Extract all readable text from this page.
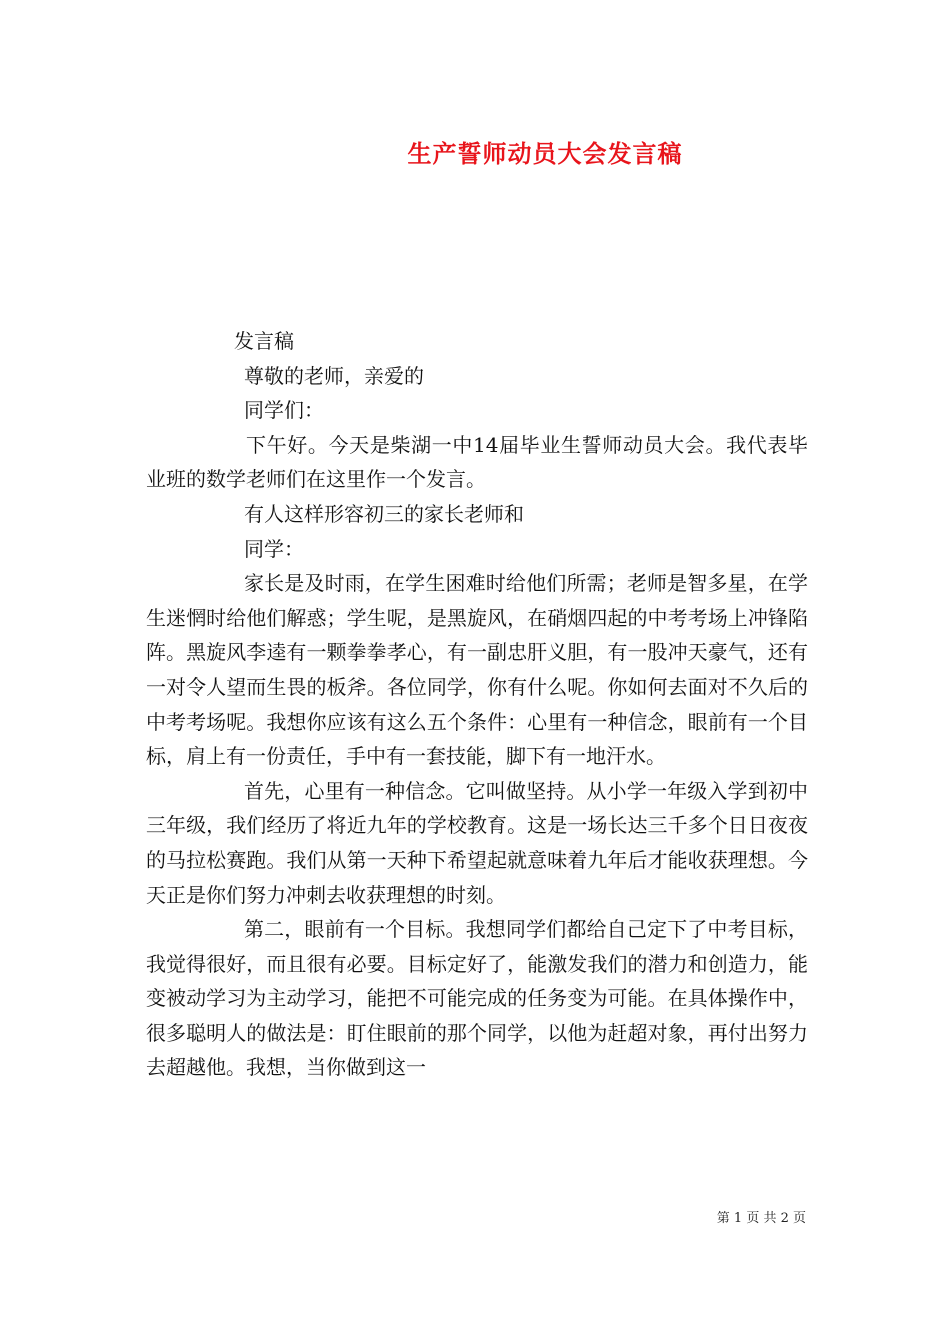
生产誓师动员大会发言稿

发言稿

尊敬的老师，亲爱的

同学们：

下午好。今天是柴湖一中14届毕业生誓师动员大会。我代表毕业班的数学老师们在这里作一个发言。

有人这样形容初三的家长老师和

同学：

家长是及时雨，在学生困难时给他们所需；老师是智多星，在学生迷惘时给他们解惑；学生呢，是黑旋风，在硝烟四起的中考考场上冲锋陷阵。黑旋风李逵有一颗拳拳孝心，有一副忠肝义胆，有一股冲天豪气，还有一对令人望而生畏的板斧。各位同学，你有什么呢。你如何去面对不久后的中考考场呢。我想你应该有这么五个条件：心里有一种信念，眼前有一个目标，肩上有一份责任，手中有一套技能，脚下有一地汗水。

首先，心里有一种信念。它叫做坚持。从小学一年级入学到初中三年级，我们经历了将近九年的学校教育。这是一场长达三千多个日日夜夜的马拉松赛跑。我们从第一天种下希望起就意味着九年后才能收获理想。今天正是你们努力冲刺去收获理想的时刻。

第二，眼前有一个目标。我想同学们都给自己定下了中考目标，我觉得很好，而且很有必要。目标定好了，能激发我们的潜力和创造力，能变被动学习为主动学习，能把不可能完成的任务变为可能。在具体操作中，很多聪明人的做法是：盯住眼前的那个同学，以他为赶超对象，再付出努力去超越他。我想，当你做到这一

第 1 页 共 2 页
